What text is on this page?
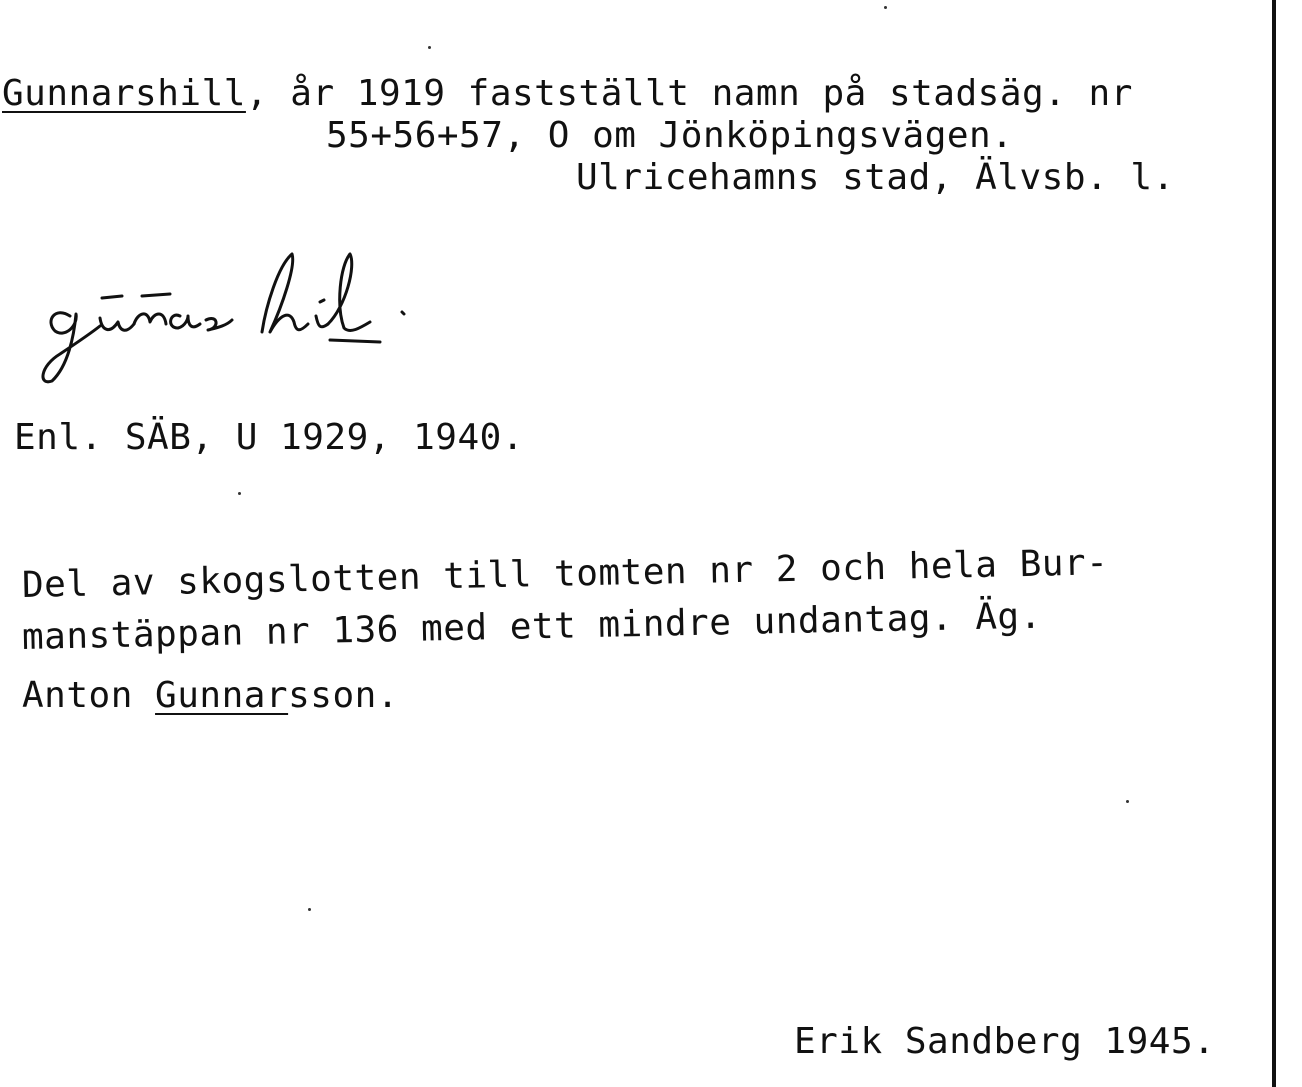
Gunnarshill, år 1919 fastställt namn på stadsäg. nr
55+56+57, O om Jönköpingsvägen.
Ulricehamns stad, Älvsb. l.
Enl. SÄB, U 1929, 1940.
Del av skogslotten till tomten nr 2 och hela Bur-
manstäppan nr 136 med ett mindre undantag. Äg.
Anton Gunnarsson.
Erik Sandberg 1945.
